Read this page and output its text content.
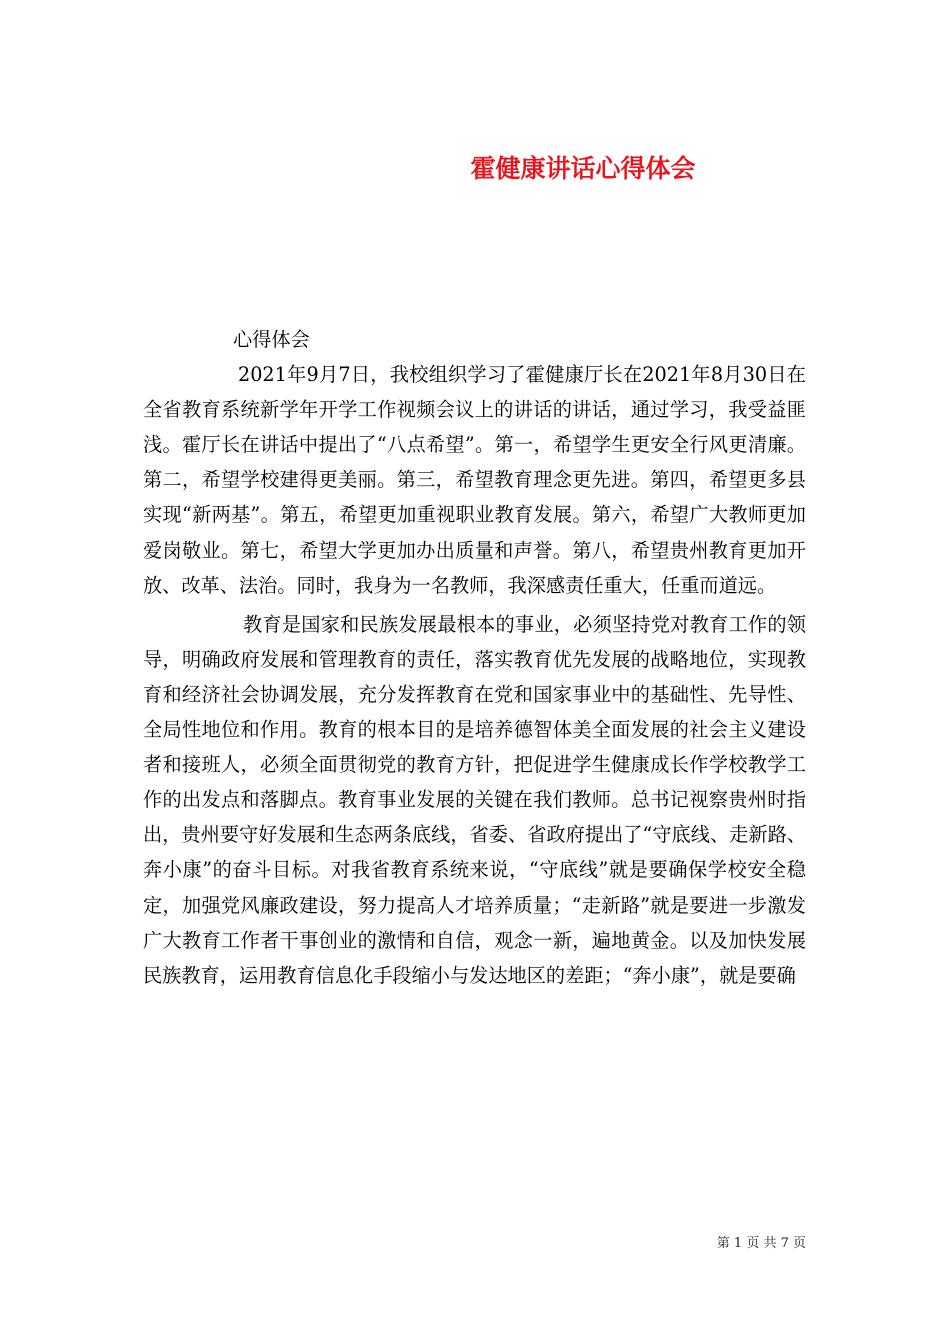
霍健康讲话心得体会

心得体会

2021年9月7日，我校组织学习了霍健康厅长在2021年8月30日在全省教育系统新学年开学工作视频会议上的讲话的讲话，通过学习，我受益匪浅。霍厅长在讲话中提出了“八点希望”。第一，希望学生更安全行风更清廉。第二，希望学校建得更美丽。第三，希望教育理念更先进。第四，希望更多县实现“新两基”。第五，希望更加重视职业教育发展。第六，希望广大教师更加爱岗敬业。第七，希望大学更加办出质量和声誉。第八，希望贵州教育更加开放、改革、法治。同时，我身为一名教师，我深感责任重大，任重而道远。

教育是国家和民族发展最根本的事业，必须坚持党对教育工作的领导，明确政府发展和管理教育的责任，落实教育优先发展的战略地位，实现教育和经济社会协调发展，充分发挥教育在党和国家事业中的基础性、先导性、全局性地位和作用。教育的根本目的是培养德智体美全面发展的社会主义建设者和接班人，必须全面贯彻党的教育方针，把促进学生健康成长作学校教学工作的出发点和落脚点。教育事业发展的关键在我们教师。总书记视察贵州时指出，贵州要守好发展和生态两条底线，省委、省政府提出了“守底线、走新路、奔小康”的奋斗目标。对我省教育系统来说，“守底线”就是要确保学校安全稳定，加强党风廉政建设，努力提高人才培养质量；“走新路”就是要进一步激发广大教育工作者干事创业的激情和自信，观念一新，遍地黄金。以及加快发展民族教育，运用教育信息化手段缩小与发达地区的差距；“奔小康”，就是要确

第 1 页 共 7 页
